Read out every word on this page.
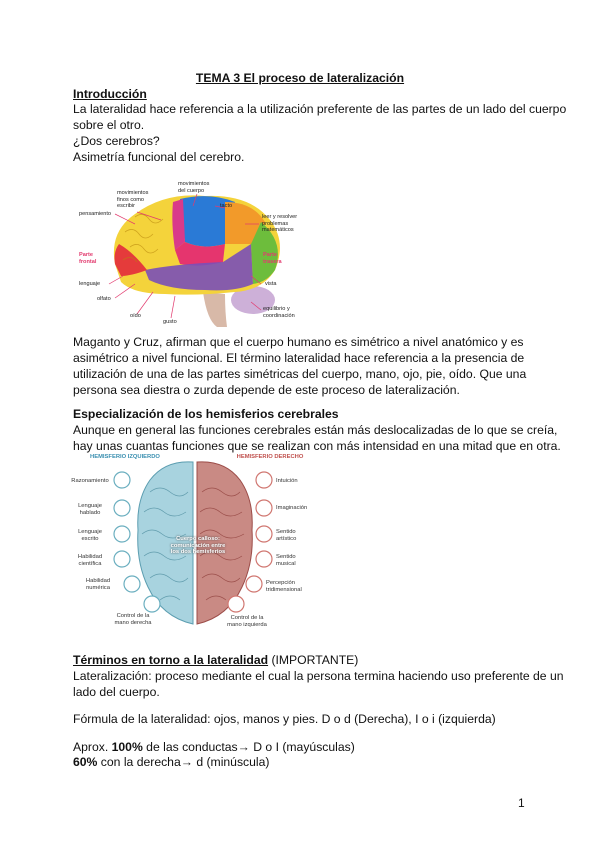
TEMA 3 El proceso de lateralización
Introducción
La lateralidad hace referencia a la utilización preferente de las partes de un lado del cuerpo
sobre el otro.
¿Dos cerebros?
Asimetría funcional del cerebro.
movimientos
del cuerpo
movimientos
finos como
escribir	tacto
pensamiento	leer y resolver
problemas
matemáticos
Parte
frontal
Parte
trasera
lenguaje	vista
olfato
equilibrio y
coordinación
oído
gusto
Maganto y Cruz, afirman que el cuerpo humano es simétrico a nivel anatómico y es
asimétrico a nivel funcional. El término lateralidad hace referencia a la presencia de
utilización de una de las partes simétricas del cuerpo, mano, ojo, pie, oído. Que una
persona sea diestra o zurda depende de este proceso de lateralización.
Especialización de los hemisferios cerebrales
Aunque en general las funciones cerebrales están más deslocalizadas de lo que se creía,
hay unas cuantas funciones que se realizan con más intensidad en una mitad que en otra.
HEMISFERIO IZQUIERDO	HEMISFERIO DERECHO
Razonamiento
Lenguaje
hablado
Lenguaje
escrito
Habilidad
científica
Habilidad
numérica
Control de la
mano derecha
Intuición
Imaginación
Sentido
artístico
Sentido
musical
Percepción
tridimensional
Control de la
mano izquierda
Cuerpo calloso:
comunicación entre
los dos hemisferios
Términos en torno a la lateralidad (IMPORTANTE)
Lateralización: proceso mediante el cual la persona termina haciendo uso preferente de un
lado del cuerpo.
Fórmula de la lateralidad: ojos, manos y pies. D o d (Derecha), I o i (izquierda)
Aprox. 100% de las conductas→ D o I (mayúsculas)
60% con la derecha→ d (minúscula)
1
